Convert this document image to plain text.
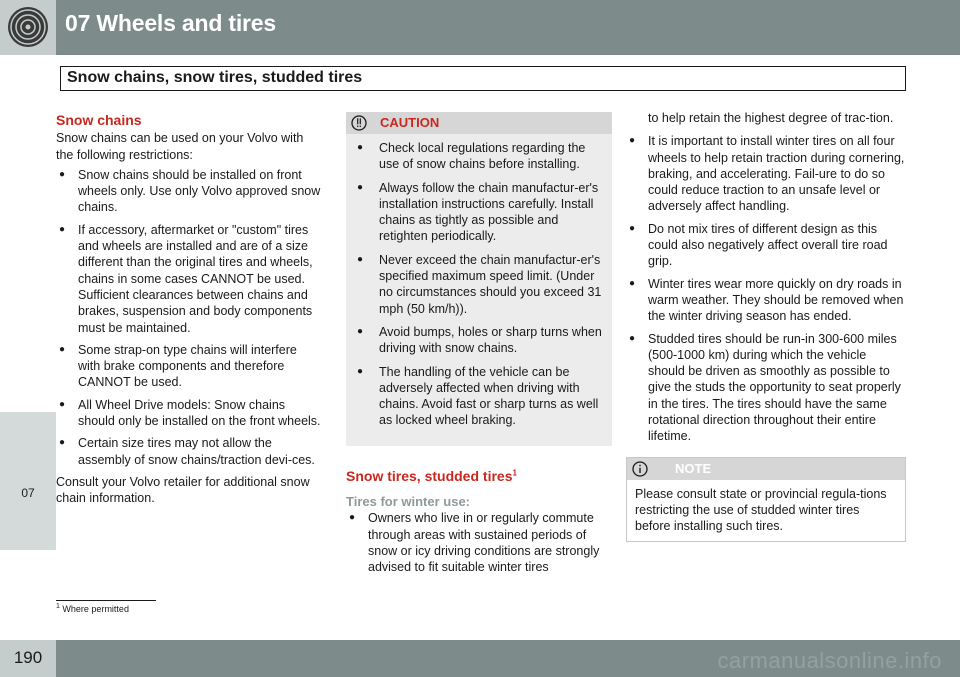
07 Wheels and tires
Snow chains, snow tires, studded tires
07
Snow chains

Snow chains can be used on your Volvo with the following restrictions:

● Snow chains should be installed on front wheels only. Use only Volvo approved snow chains.
● If accessory, aftermarket or "custom" tires and wheels are installed and are of a size different than the original tires and wheels, chains in some cases CANNOT be used. Sufficient clearances between chains and brakes, suspension and body components must be maintained.
● Some strap-on type chains will interfere with brake components and therefore CANNOT be used.
● All Wheel Drive models: Snow chains should only be installed on the front wheels.
● Certain size tires may not allow the assembly of snow chains/traction devi-ces.

Consult your Volvo retailer for additional snow chain information.

CAUTION
● Check local regulations regarding the use of snow chains before installing.
● Always follow the chain manufactur-er's installation instructions carefully. Install chains as tightly as possible and retighten periodically.
● Never exceed the chain manufactur-er's specified maximum speed limit. (Under no circumstances should you exceed 31 mph (50 km/h)).
● Avoid bumps, holes or sharp turns when driving with snow chains.
● The handling of the vehicle can be adversely affected when driving with chains. Avoid fast or sharp turns as well as locked wheel braking.
Snow tires, studded tires$^1$
Tires for winter use:
● Owners who live in or regularly commute through areas with sustained periods of snow or icy driving conditions are strongly advised to fit suitable winter tires
to help retain the highest degree of trac-tion.
● It is important to install winter tires on all four wheels to help retain traction during cornering, braking, and accelerating. Fail-ure to do so could reduce traction to an unsafe level or adversely affect handling.
● Do not mix tires of different design as this could also negatively affect overall tire road grip.
● Winter tires wear more quickly on dry roads in warm weather. They should be removed when the winter driving season has ended.
● Studded tires should be run-in 300-600 miles (500-1000 km) during which the vehicle should be driven as smoothly as possible to give the studs the opportunity to seat properly in the tires. The tires should have the same rotational direction throughout their entire lifetime.
NOTE
Please consult state or provincial regula-tions restricting the use of studded winter tires before installing such tires.
$^1$ Where permitted
190	carmanualsonline.info
